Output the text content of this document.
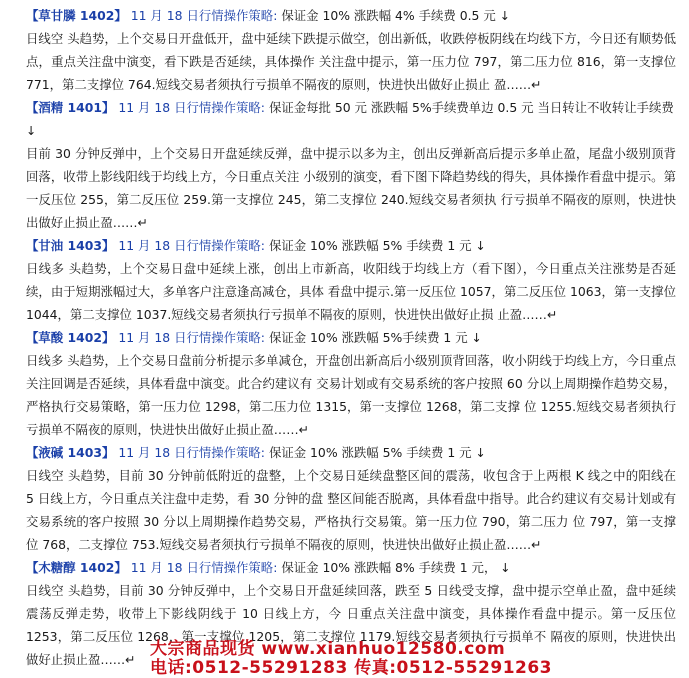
【草甘膦 1402】 11 月 18 日行情操作策略: 保证金 10% 涨跌幅 4% 手续费 0.5 元 ↓
日线空 头趋势，上个交易日开盘低开，盘中延续下跌提示做空，创出新低，收跌停板阴线在均线下方，今日还有顺势低点，重点关注盘中演变，看下跌是否延续，具体操作 关注盘中提示，第一压力位 797，第二压力位 816，第一支撑位 771，第二支撑位 764.短线交易者须执行亏损单不隔夜的原则，快进快出做好止损止 盈……↵
【酒精 1401】 11 月 18 日行情操作策略: 保证金每批 50 元 涨跌幅 5%手续费单边 0.5 元 当日转让不收转让手续费 ↓
目前 30 分钟反弹中，上个交易日开盘延续反弹，盘中提示以多为主，创出反弹新高后提示多单止盈，尾盘小级别顶背回落，收带上影线阳线于均线上方，今日重点关注 小级别的演变，看下图下降趋势线的得失，具体操作看盘中提示。第一反压位 255，第二反压位 259.第一支撑位 245，第二支撑位 240.短线交易者须执 行亏损单不隔夜的原则，快进快出做好止损止盈……↵
【甘油 1403】 11 月 18 日行情操作策略: 保证金 10% 涨跌幅 5% 手续费 1 元 ↓
日线多 头趋势，上个交易日盘中延续上涨，创出上市新高，收阳线于均线上方（看下图），今日重点关注涨势是否延续，由于短期涨幅过大，多单客户注意逢高减仓，具体 看盘中提示.第一反压位 1057，第二反压位 1063，第一支撑位 1044，第二支撑位 1037.短线交易者须执行亏损单不隔夜的原则，快进快出做好止损 止盈……↵
【草酸 1402】 11 月 18 日行情操作策略: 保证金 10% 涨跌幅 5%手续费 1 元 ↓
日线多 头趋势，上个交易日盘前分析提示多单减仓，开盘创出新高后小级别顶背回落，收小阴线于均线上方，今日重点关注回调是否延续，具体看盘中演变。此合约建议有 交易计划或有交易系统的客户按照 60 分以上周期操作趋势交易，严格执行交易策略，第一压力位 1298，第二压力位 1315，第一支撑位 1268，第二支撑 位 1255.短线交易者须执行亏损单不隔夜的原则，快进快出做好止损止盈……↵
【液碱 1403】 11 月 18 日行情操作策略: 保证金 10% 涨跌幅 5% 手续费 1 元 ↓
日线空 头趋势，目前 30 分钟前低附近的盘整，上个交易日延续盘整区间的震荡，收包含于上两根 K 线之中的阳线在 5 日线上方，今日重点关注盘中走势，看 30 分钟的盘 整区间能否脱离，具体看盘中指导。此合约建议有交易计划或有交易系统的客户按照 30 分以上周期操作趋势交易，严格执行交易策。第一压力位 790，第二压力 位 797，第一支撑位 768，二支撑位 753.短线交易者须执行亏损单不隔夜的原则，快进快出做好止损止盈……↵
【木糖醇 1402】 11 月 18 日行情操作策略: 保证金 10% 涨跌幅 8% 手续费 1 元， ↓
日线空 头趋势，目前 30 分钟反弹中，上个交易日开盘延续回落，跌至 5 日线受支撑，盘中提示空单止盈，盘中延续震荡反弹走势，收带上下影线阴线于 10 日线上方，今 日重点关注盘中演变，具体操作看盘中提示。第一反压位 1253，第二反压位 1268，第一支撑位 1205，第二支撑位 1179.短线交易者须执行亏损单不 隔夜的原则，快进快出做好止损止盈……↵
大宗商品现货 www.xianhuo12580.com
电话:0512-55291283 传真:0512-55291263
